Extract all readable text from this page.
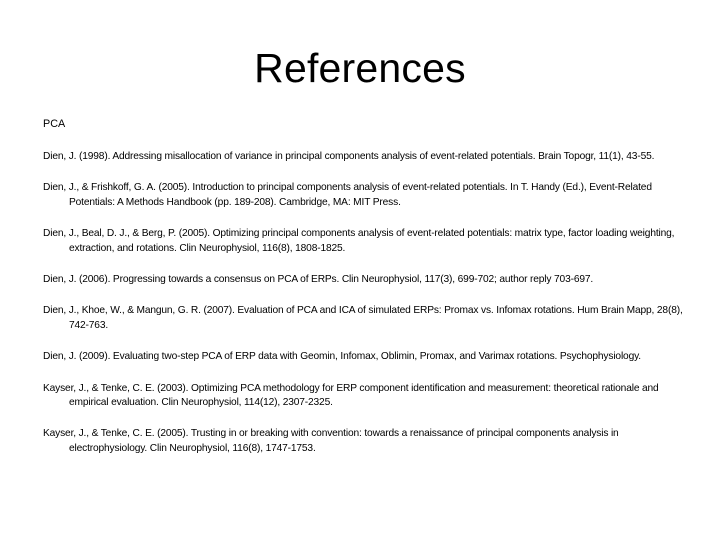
References
PCA
Dien, J. (1998). Addressing misallocation of variance in principal components analysis of event-related potentials. Brain Topogr, 11(1), 43-55.
Dien, J., & Frishkoff, G. A. (2005). Introduction to principal components analysis of event-related potentials. In T. Handy (Ed.), Event-Related Potentials: A Methods Handbook (pp. 189-208). Cambridge, MA: MIT Press.
Dien, J., Beal, D. J., & Berg, P. (2005). Optimizing principal components analysis of event-related potentials: matrix type, factor loading weighting, extraction, and rotations. Clin Neurophysiol, 116(8), 1808-1825.
Dien, J. (2006). Progressing towards a consensus on PCA of ERPs. Clin Neurophysiol, 117(3), 699-702; author reply 703-697.
Dien, J., Khoe, W., & Mangun, G. R. (2007). Evaluation of PCA and ICA of simulated ERPs: Promax vs. Infomax rotations. Hum Brain Mapp, 28(8), 742-763.
Dien, J. (2009). Evaluating two-step PCA of ERP data with Geomin, Infomax, Oblimin, Promax, and Varimax rotations. Psychophysiology.
Kayser, J., & Tenke, C. E. (2003). Optimizing PCA methodology for ERP component identification and measurement: theoretical rationale and empirical evaluation. Clin Neurophysiol, 114(12), 2307-2325.
Kayser, J., & Tenke, C. E. (2005). Trusting in or breaking with convention: towards a renaissance of principal components analysis in electrophysiology. Clin Neurophysiol, 116(8), 1747-1753.
